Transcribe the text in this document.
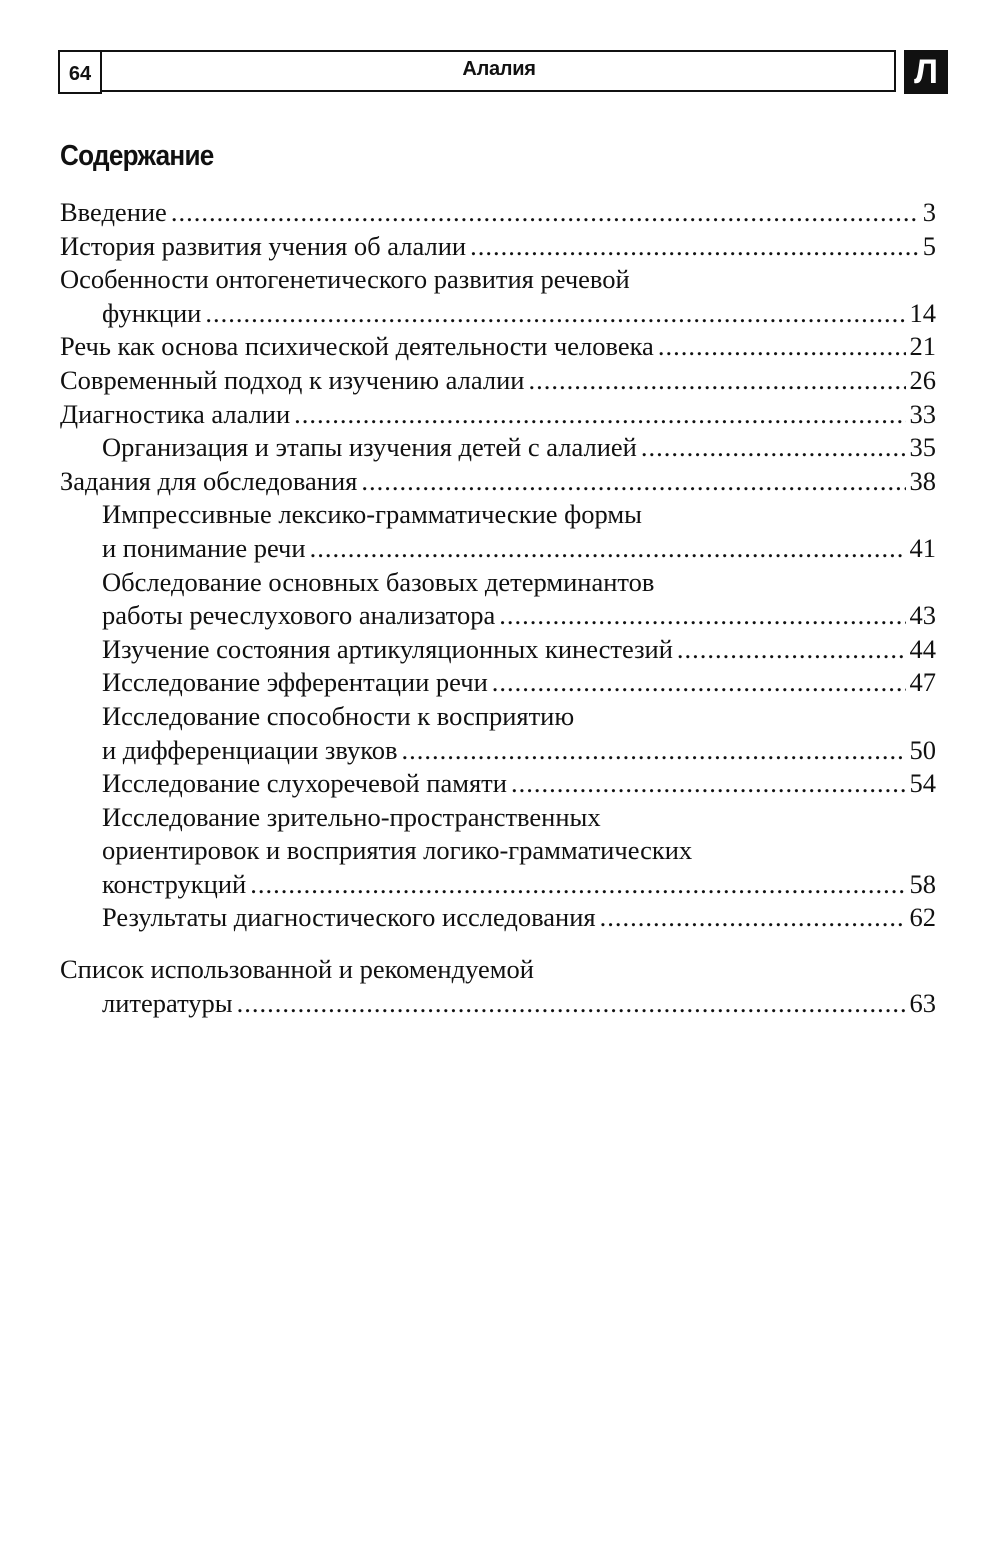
64	Алалия	Л
Содержание
Введение .....	3
История развития учения об алалии .....	5
Особенности онтогенетического развития речевой
функции .....	14
Речь как основа психической деятельности человека .....	21
Современный подход к изучению алалии .....	26
Диагностика алалии .....	33
Организация и этапы изучения детей с алалией .....	35
Задания для обследования .....	38
Импрессивные лексико-грамматические формы
и понимание речи .....	41
Обследование основных базовых детерминантов
работы речеслухового анализатора .....	43
Изучение состояния артикуляционных кинестезий .....	44
Исследование эфферентации речи .....	47
Исследование способности к восприятию
и дифференциации звуков .....	50
Исследование слухоречевой памяти .....	54
Исследование зрительно-пространственных
ориентировок и восприятия логико-грамматических
конструкций .....	58
Результаты диагностического исследования .....	62
Список использованной и рекомендуемой
литературы .....	63
